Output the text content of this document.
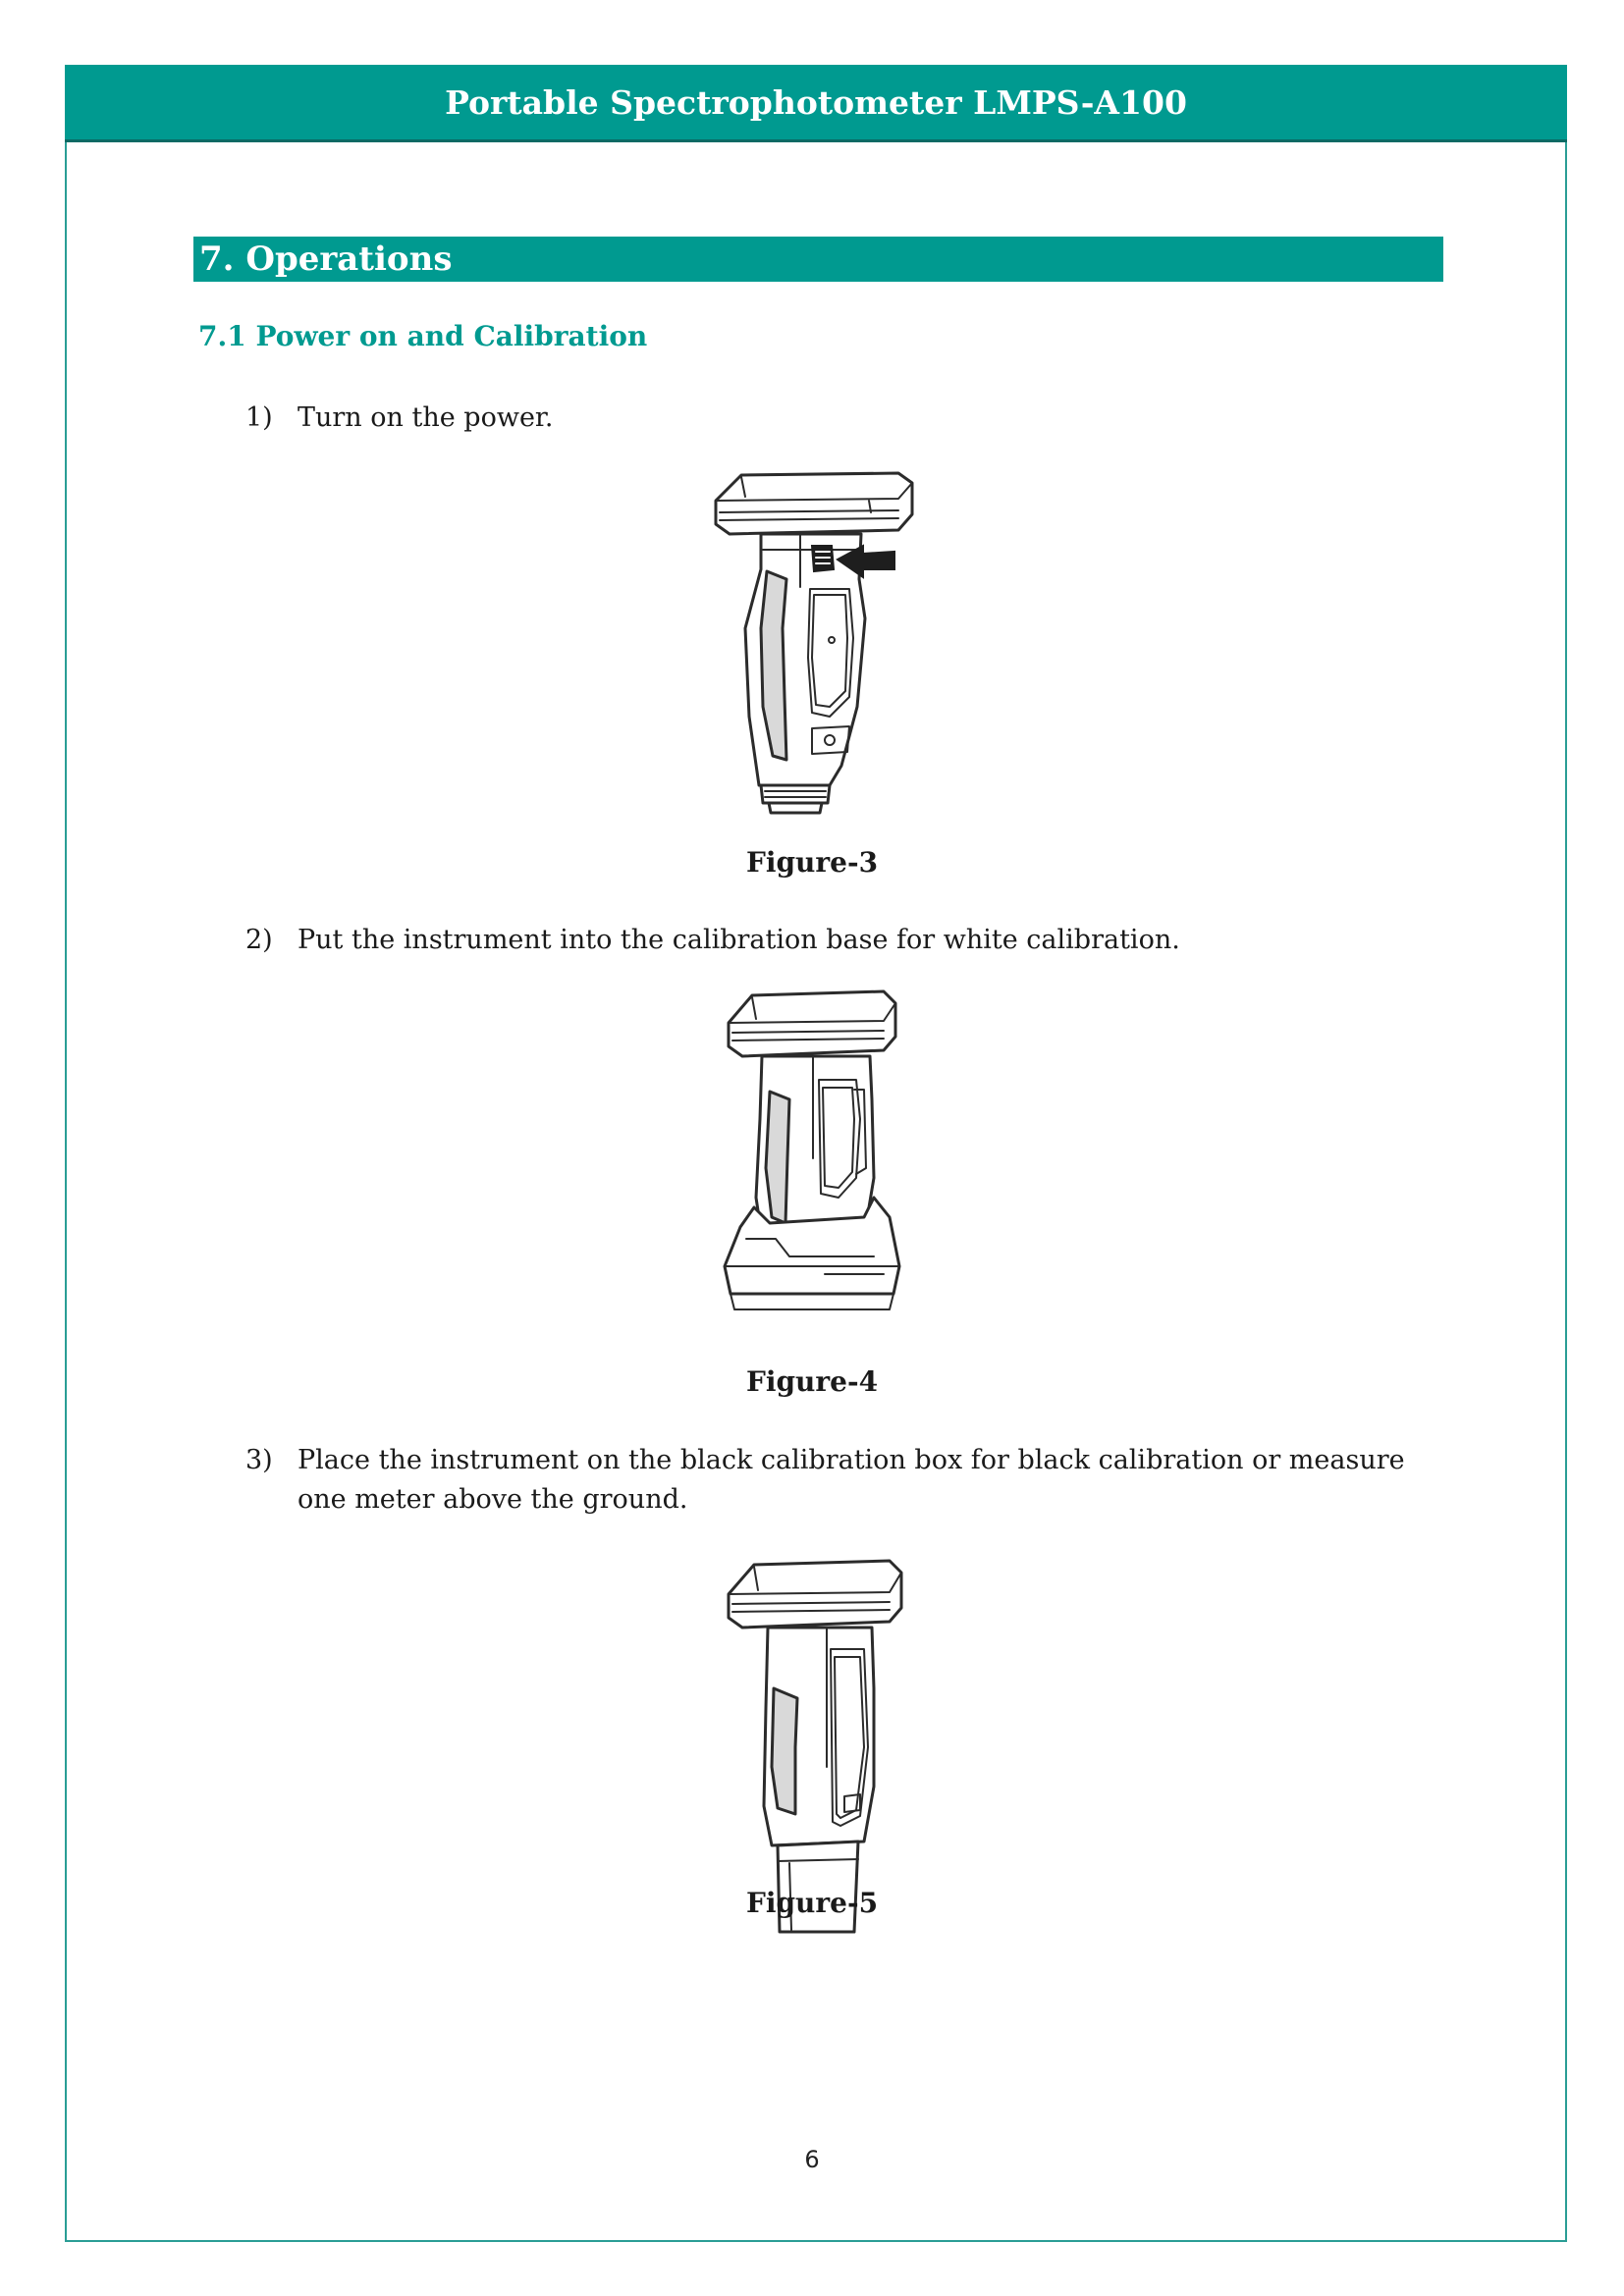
Portable Spectrophotometer LMPS-A100
7. Operations
7.1 Power on and Calibration
1) Turn on the power.
Figure-3
2) Put the instrument into the calibration base for white calibration.
Figure-4
3) Place the instrument on the black calibration box for black calibration or measure one meter above the ground.
Figure-5
6
